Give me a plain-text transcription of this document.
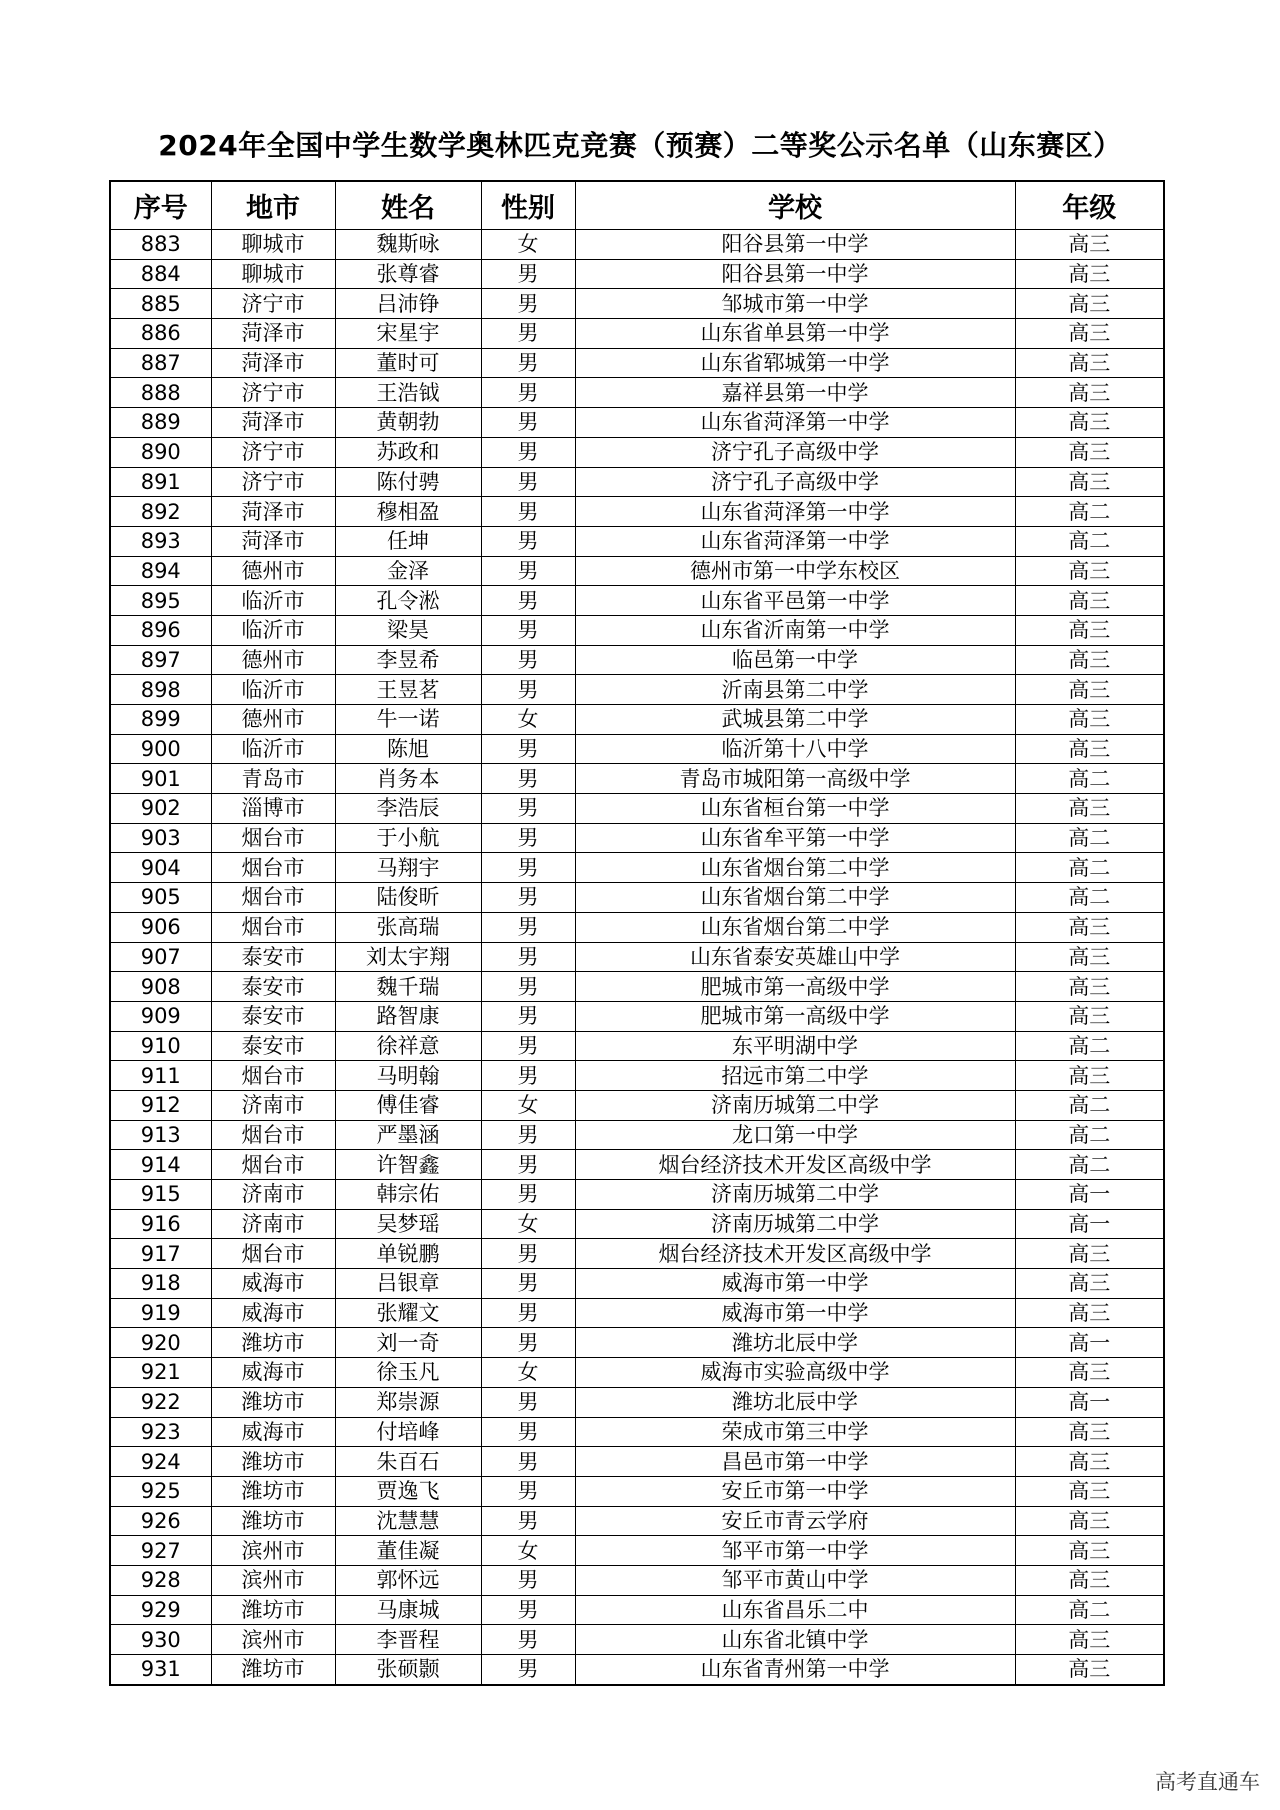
2024年全国中学生数学奥林匹克竞赛（预赛）二等奖公示名单（山东赛区）
序号	地市	姓名	性别	学校	年级
883	聊城市	魏斯咏	女	阳谷县第一中学	高三
884	聊城市	张尊睿	男	阳谷县第一中学	高三
885	济宁市	吕沛铮	男	邹城市第一中学	高三
886	菏泽市	宋星宇	男	山东省单县第一中学	高三
887	菏泽市	董时可	男	山东省郓城第一中学	高三
888	济宁市	王浩钺	男	嘉祥县第一中学	高三
889	菏泽市	黄朝勃	男	山东省菏泽第一中学	高三
890	济宁市	苏政和	男	济宁孔子高级中学	高三
891	济宁市	陈付骋	男	济宁孔子高级中学	高三
892	菏泽市	穆相盈	男	山东省菏泽第一中学	高二
893	菏泽市	任坤	男	山东省菏泽第一中学	高二
894	德州市	金泽	男	德州市第一中学东校区	高三
895	临沂市	孔令淞	男	山东省平邑第一中学	高三
896	临沂市	梁昊	男	山东省沂南第一中学	高三
897	德州市	李昱希	男	临邑第一中学	高三
898	临沂市	王昱茗	男	沂南县第二中学	高三
899	德州市	牛一诺	女	武城县第二中学	高三
900	临沂市	陈旭	男	临沂第十八中学	高三
901	青岛市	肖务本	男	青岛市城阳第一高级中学	高二
902	淄博市	李浩辰	男	山东省桓台第一中学	高三
903	烟台市	于小航	男	山东省牟平第一中学	高二
904	烟台市	马翔宇	男	山东省烟台第二中学	高二
905	烟台市	陆俊昕	男	山东省烟台第二中学	高二
906	烟台市	张高瑞	男	山东省烟台第二中学	高三
907	泰安市	刘太宇翔	男	山东省泰安英雄山中学	高三
908	泰安市	魏千瑞	男	肥城市第一高级中学	高三
909	泰安市	路智康	男	肥城市第一高级中学	高三
910	泰安市	徐祥意	男	东平明湖中学	高二
911	烟台市	马明翰	男	招远市第二中学	高三
912	济南市	傅佳睿	女	济南历城第二中学	高二
913	烟台市	严墨涵	男	龙口第一中学	高二
914	烟台市	许智鑫	男	烟台经济技术开发区高级中学	高二
915	济南市	韩宗佑	男	济南历城第二中学	高一
916	济南市	吴梦瑶	女	济南历城第二中学	高一
917	烟台市	单锐鹏	男	烟台经济技术开发区高级中学	高三
918	威海市	吕银章	男	威海市第一中学	高三
919	威海市	张耀文	男	威海市第一中学	高三
920	潍坊市	刘一奇	男	潍坊北辰中学	高一
921	威海市	徐玉凡	女	威海市实验高级中学	高三
922	潍坊市	郑崇源	男	潍坊北辰中学	高一
923	威海市	付培峰	男	荣成市第三中学	高三
924	潍坊市	朱百石	男	昌邑市第一中学	高三
925	潍坊市	贾逸飞	男	安丘市第一中学	高三
926	潍坊市	沈慧慧	男	安丘市青云学府	高三
927	滨州市	董佳凝	女	邹平市第一中学	高三
928	滨州市	郭怀远	男	邹平市黄山中学	高三
929	潍坊市	马康城	男	山东省昌乐二中	高二
930	滨州市	李晋程	男	山东省北镇中学	高三
931	潍坊市	张硕颢	男	山东省青州第一中学	高三
高考直通车
